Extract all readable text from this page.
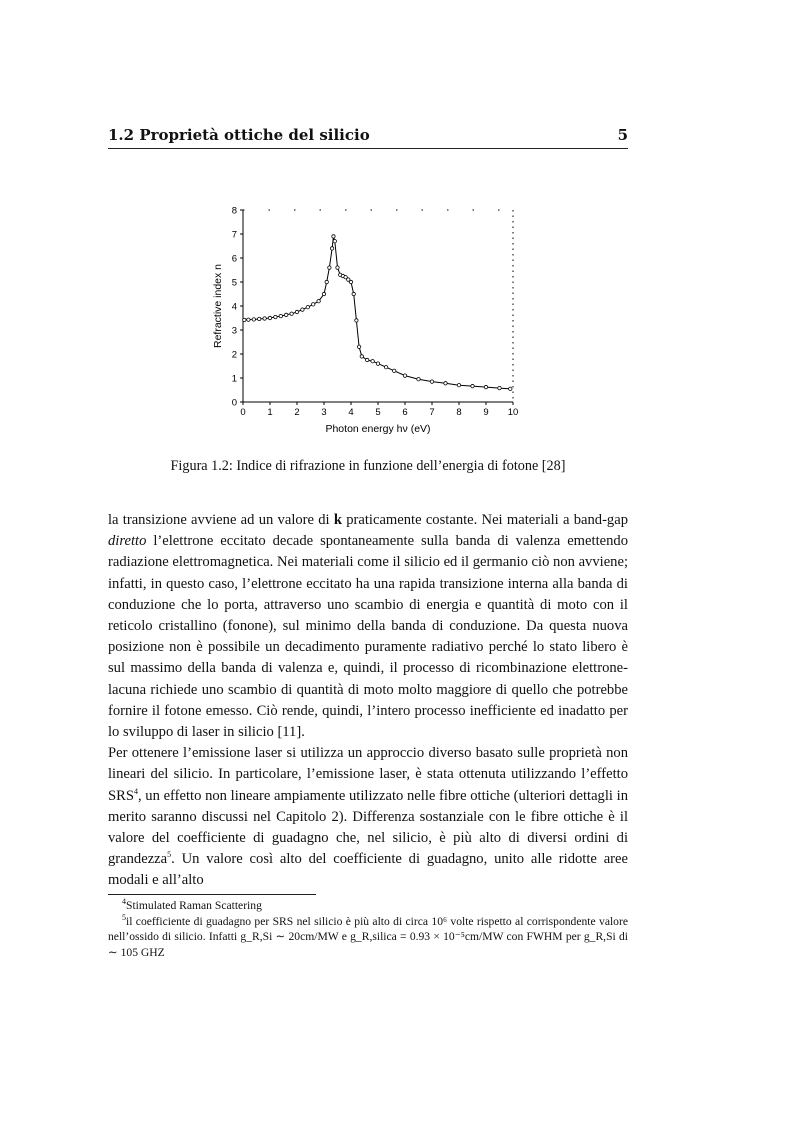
1.2 Proprietà ottiche del silicio	5
0 1 2 3 4 5 6 7 8 9 10
0
1
2
3
4
5
6
7
8
Photon energy hν (eV)
Refractive index n
Figura 1.2: Indice di rifrazione in funzione dell’energia di fotone [28]

la transizione avviene ad un valore di k praticamente costante. Nei materiali a band-gap diretto l’elettrone eccitato decade spontaneamente sulla banda di valenza emettendo radiazione elettromagnetica. Nei materiali come il silicio ed il germanio ciò non avviene; infatti, in questo caso, l’elettrone eccitato ha una rapida transizione interna alla banda di conduzione che lo porta, attraverso uno scambio di energia e quantità di moto con il reticolo cristallino (fonone), sul minimo della banda di conduzione. Da questa nuova posizione non è possibile un decadimento puramente radiativo perché lo stato libero è sul massimo della banda di valenza e, quindi, il processo di ricombinazione elettrone-lacuna richiede uno scambio di quantità di moto molto maggiore di quello che potrebbe fornire il fotone emesso. Ciò rende, quindi, l’intero processo inefficiente ed inadatto per lo sviluppo di laser in silicio [11].

Per ottenere l’emissione laser si utilizza un approccio diverso basato sulle proprietà non lineari del silicio. In particolare, l’emissione laser, è stata ottenuta utilizzando l’effetto SRS$^4$, un effetto non lineare ampiamente utilizzato nelle fibre ottiche (ulteriori dettagli in merito saranno discussi nel Capitolo 2). Differenza sostanziale con le fibre ottiche è il valore del coefficiente di guadagno che, nel silicio, è più alto di diversi ordini di grandezza$^5$. Un valore così alto del coefficiente di guadagno, unito alle ridotte aree modali e all’alto

$^4$Stimulated Raman Scattering

$^5$il coefficiente di guadagno per SRS nel silicio è più alto di circa 10⁶ volte rispetto al corrispondente valore nell’ossido di silicio. Infatti g_R,Si ∼ 20cm/MW e g_R,silica = 0.93 × 10⁻⁵cm/MW con FWHM per g_R,Si di ∼ 105 GHZ
